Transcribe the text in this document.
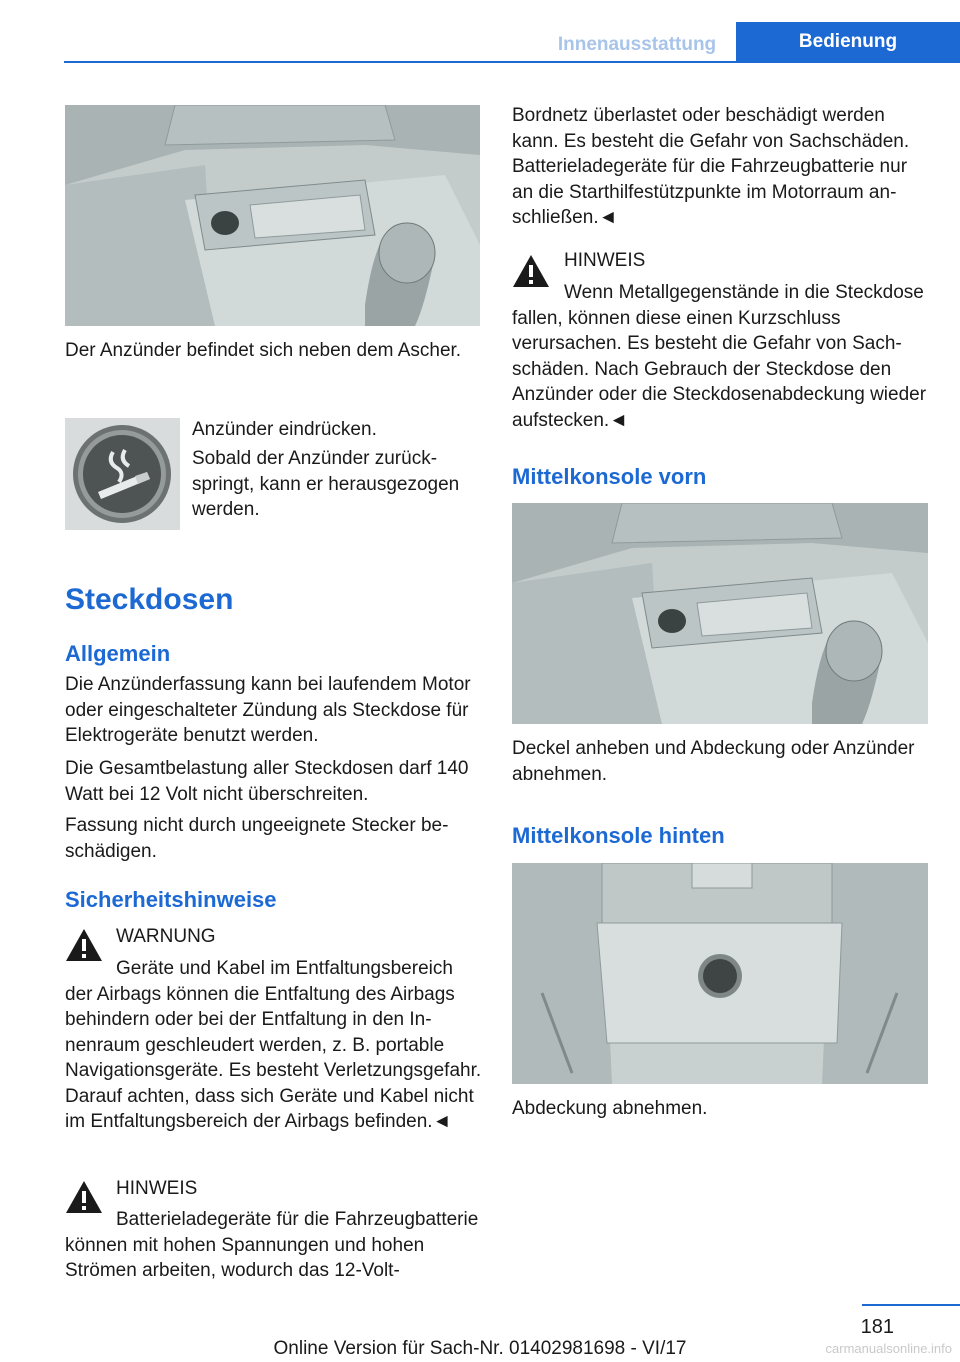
Innenausstattung	Bedienung

Der Anzünder befindet sich neben dem Ascher.

Anzünder eindrücken.

Sobald der Anzünder zurückspringt, kann er herausgezogen werden.

Steckdosen
Allgemein

Die Anzünderfassung kann bei laufendem Motor oder eingeschalteter Zündung als Steckdose für Elektrogeräte benutzt werden.

Die Gesamtbelastung aller Steckdosen darf 140 Watt bei 12 Volt nicht überschreiten.

Fassung nicht durch ungeeignete Stecker beschädigen.

Sicherheitshinweise

WARNUNG

Geräte und Kabel im Entfaltungsbereich der Airbags können die Entfaltung des Airbags behindern oder bei der Entfaltung in den Innenraum geschleudert werden, z. B. portable Navigationsgeräte. Es besteht Verletzungsgefahr. Darauf achten, dass sich Geräte und Kabel nicht im Entfaltungsbereich der Airbags befinden.◄

HINWEIS

Batterieladegeräte für die Fahrzeugbatterie können mit hohen Spannungen und hohen Strömen arbeiten, wodurch das 12-Volt-

Bordnetz überlastet oder beschädigt werden kann. Es besteht die Gefahr von Sachschäden. Batterieladegeräte für die Fahrzeugbatterie nur an die Starthilfestützpunkte im Motorraum anschließen.◄

HINWEIS

Wenn Metallgegenstände in die Steckdose fallen, können diese einen Kurzschluss verursachen. Es besteht die Gefahr von Sachschäden. Nach Gebrauch der Steckdose den Anzünder oder die Steckdosenabdeckung wieder aufstecken.◄
Mittelkonsole vorn

Deckel anheben und Abdeckung oder Anzünder abnehmen.

Mittelkonsole hinten

Abdeckung abnehmen.

181
Online Version für Sach-Nr. 01402981698 - VI/17	carmanualsonline.info
